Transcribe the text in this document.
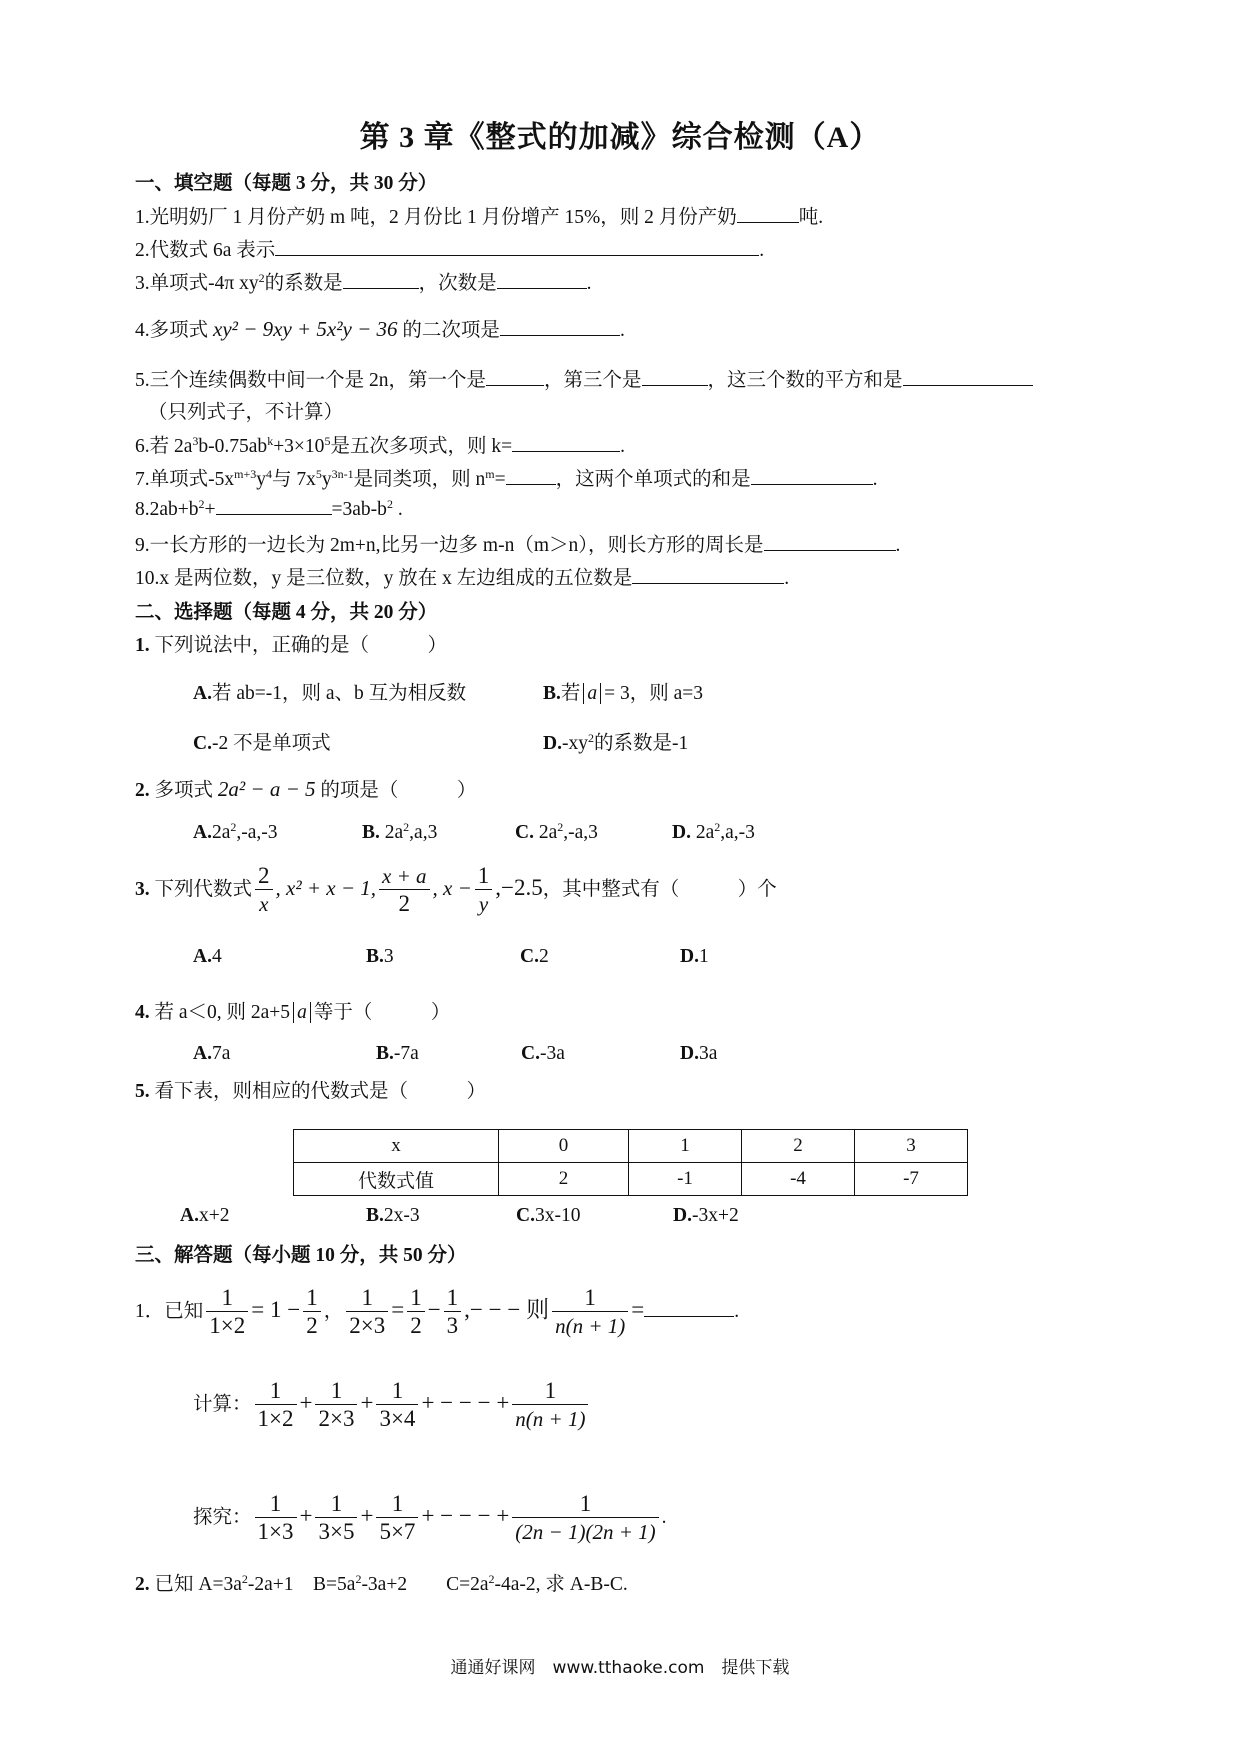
第 3 章《整式的加减》综合检测（A）
一、填空题（每题 3 分，共 30 分）
1.光明奶厂 1 月份产奶 m 吨，2 月份比 1 月份增产 15%，则 2 月份产奶	吨.
2.代数式 6a 表示	.
3.单项式-4π $xy^2$的系数是	，次数是	.
4.多项式 xy² − 9xy + 5x²y − 36 的二次项是	.
5.三个连续偶数中间一个是 2n，第一个是	，第三个是	，这三个数的平方和是
（只列式子，不计算）
6.若 $2a^3b-0.75ab^k+3\times 10^5$是五次多项式，则 k=	.
7.单项式$-5x^{m+3}y^4$与 $7x^5y^{3n-1}$是同类项，则 $n^m=$	，这两个单项式的和是	.
$8.2ab+b^2+$	$=3ab-b^2$ .
9.一长方形的一边长为 2m+n,比另一边多 m-n（m＞n），则长方形的周长是	.
10.x 是两位数，y 是三位数，y 放在 x 左边组成的五位数是	.
二、选择题（每题 4 分，共 20 分）
1. 下列说法中，正确的是（　　　）
A.若 ab=-1，则 a、b 互为相反数	B.若 a = 3，则 a=3
C.-2 不是单项式	$D.-xy^2$的系数是-1
2. 多项式 2a² − a − 5 的项是（　　　）
$A.2a^2,-a,-3$	B. $2a^2,a,3$	C. $2a^2,-a,3$	D. $2a^2,a,-3$
3. 下列代数式 $\frac{2}{x}$ , x² + x − 1, $\frac{x + a}{2}$ , $x - \frac{1}{y} ,-2.5$，其中整式有（　　　）个
A.4	B.3	C.2	D.1
4. 若 a＜0, 则 2a+5 a 等于（　　　）
A.7a	B.-7a	C.-3a	D.3a
5. 看下表，则相应的代数式是（　　　）
x	0	1	2	3
代数式值	2	-1	-4	-7
A.x+2	B.2x-3	C.3x-10	D.-3x+2
三、解答题（每小题 10 分，共 50 分）
1．已知 $\frac{1}{1\times 2} = 1 - \frac{1}{2}$ ， $\frac{1}{2\times 3} = \frac{1}{2} - \frac{1}{3}$ ,− − − 则 $\frac{1}{n(n + 1)}$ =	.
计算： $\frac{1}{1\times 2} + \frac{1}{2\times 3} + \frac{1}{3\times 4}$ + − − − + $\frac{1}{n(n + 1)}$
探究： $\frac{1}{1\times 3} + \frac{1}{3\times 5} + \frac{1}{5\times 7}$ + − − − + $\frac{1}{(2n - 1)(2n + 1)}$ .
2. 已知 $A=3a^2-2a+1$　$B=5a^2-3a+2$　　$C=2a^2-4a-2$, 求 A-B-C.
通通好课网　www.tthaoke.com　提供下载
